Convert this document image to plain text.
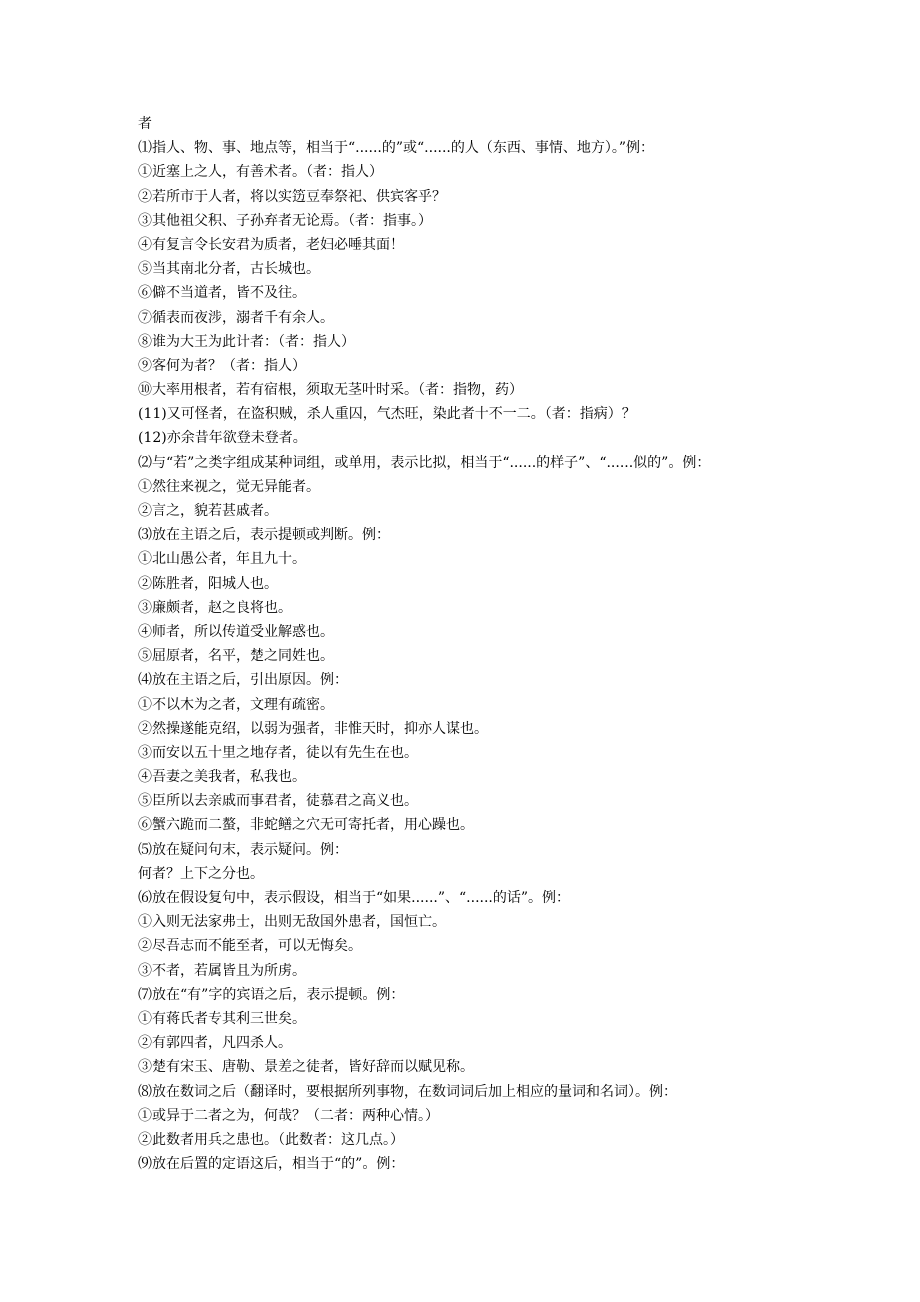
者
⑴指人、物、事、地点等，相当于“......的”或“......的人（东西、事情、地方）。”例：
①近塞上之人，有善术者。（者：指人）
②若所市于人者，将以实笾豆奉祭祀、供宾客乎？
③其他祖父积、子孙弃者无论焉。（者：指事。）
④有复言令长安君为质者，老妇必唾其面！
⑤当其南北分者，古长城也。
⑥僻不当道者，皆不及往。
⑦循表而夜涉，溺者千有余人。
⑧谁为大王为此计者：（者：指人）
⑨客何为者？（者：指人）
⑩大率用根者，若有宿根，须取无茎叶时采。（者：指物，药）
(11)又可怪者，在盗积贼，杀人重囚，气杰旺，染此者十不一二。（者：指病）？
(12)亦余昔年欲登未登者。
⑵与“若”之类字组成某种词组，或单用，表示比拟，相当于“......的样子”、“......似的”。例：
①然往来视之，觉无异能者。
②言之，貌若甚戚者。
⑶放在主语之后，表示提顿或判断。例：
①北山愚公者，年且九十。
②陈胜者，阳城人也。
③廉颇者，赵之良将也。
④师者，所以传道受业解惑也。
⑤屈原者，名平，楚之同姓也。
⑷放在主语之后，引出原因。例：
①不以木为之者，文理有疏密。
②然操遂能克绍，以弱为强者，非惟天时，抑亦人谋也。
③而安以五十里之地存者，徒以有先生在也。
④吾妻之美我者，私我也。
⑤臣所以去亲戚而事君者，徒慕君之高义也。
⑥蟹六跪而二螯，非蛇鳝之穴无可寄托者，用心躁也。
⑸放在疑问句末，表示疑问。例：
何者？上下之分也。
⑹放在假设复句中，表示假设，相当于“如果......”、“......的话”。例：
①入则无法家弗士，出则无敌国外患者，国恒亡。
②尽吾志而不能至者，可以无悔矣。
③不者，若属皆且为所虏。
⑺放在“有”字的宾语之后，表示提顿。例：
①有蒋氏者专其利三世矣。
②有郭四者，凡四杀人。
③楚有宋玉、唐勒、景差之徒者，皆好辞而以赋见称。
⑻放在数词之后（翻译时，要根据所列事物，在数词词后加上相应的量词和名词）。例：
①或异于二者之为，何哉？（二者：两种心情。）
②此数者用兵之患也。（此数者：这几点。）
⑼放在后置的定语这后，相当于“的”。例：
